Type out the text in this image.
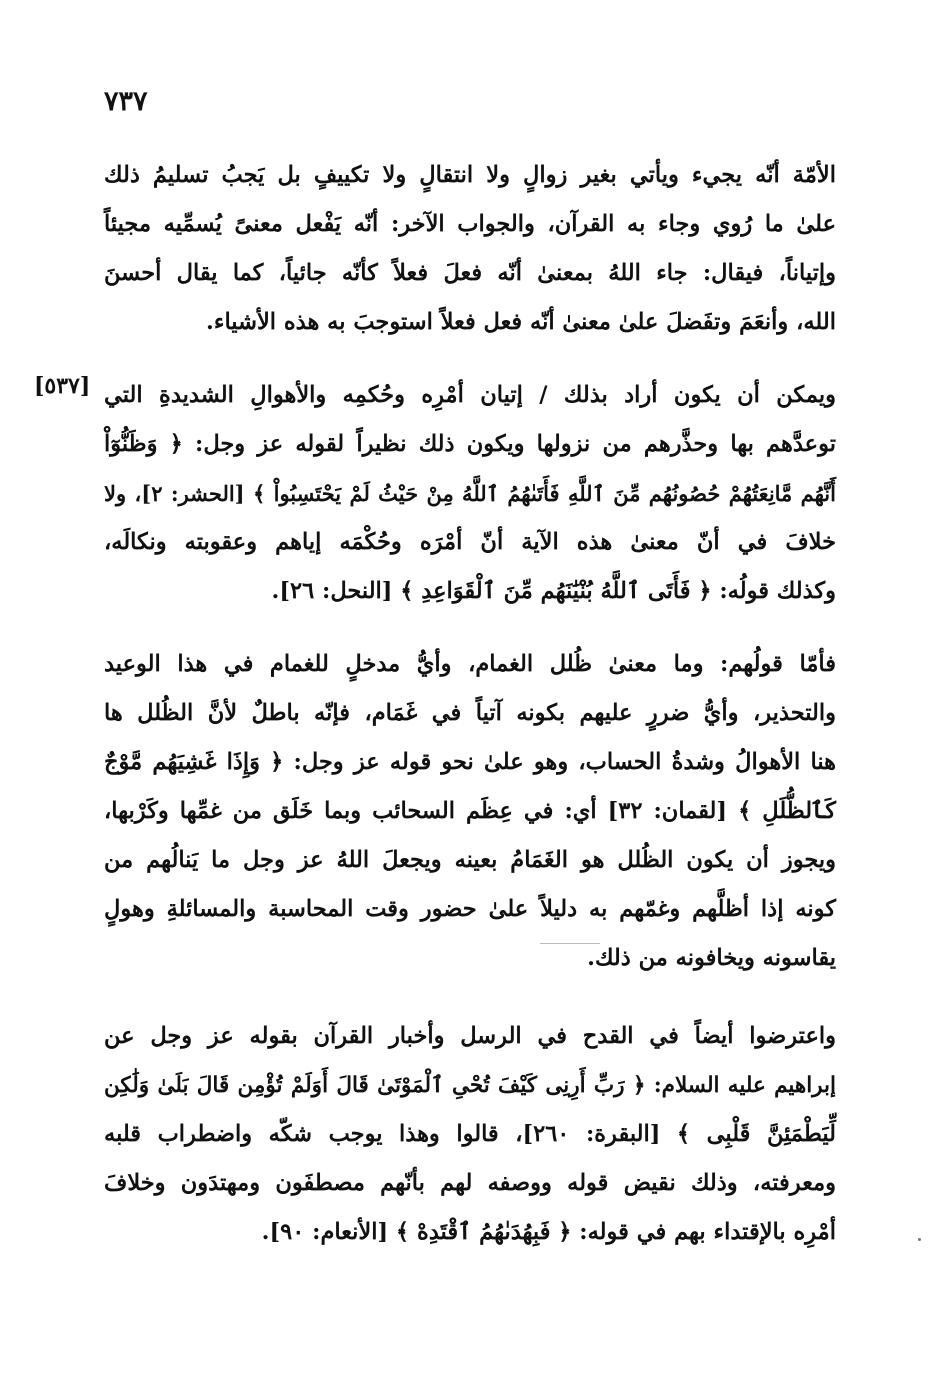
٧٣٧
[٥٣٧]
الأمّة أنّه يجيء ويأتي بغير زوالٍ ولا انتقالٍ ولا تكييفٍ بل يَجبُ تسليمُ ذلك
علىٰ ما رُوي وجاء به القرآن، والجواب الآخر: أنّه يَفْعل معنىً يُسمِّيه مجيئاً
وإتياناً، فيقال: جاء اللهُ بمعنىٰ أنّه فعلَ فعلاً كأنّه جائياً، كما يقال أحسنَ
الله، وأنعَمَ وتفَضلَ علىٰ معنىٰ أنّه فعل فعلاً استوجبَ به هذه الأشياء.
ويمكن أن يكون أراد بذلك / إتيان أمْرِه وحُكمِه والأهوالِ الشديدةِ التي
توعدَّهم بها وحذَّرهم من نزولها ويكون ذلك نظيراً لقوله عز وجل: ﴿ وَظَنُّوٓاْ
أَنَّهُم مَّانِعَتُهُمْ حُصُونُهُم مِّنَ ٱللَّهِ فَأَتَىٰهُمُ ٱللَّهُ مِنْ حَيْثُ لَمْ يَحْتَسِبُواْ ﴾ [الحشر: ٢]، ولا
خلافَ في أنّ معنىٰ هذه الآية أنّ أمْرَه وحُكْمَه إياهم وعقوبته ونكالَه،
وكذلك قولُه: ﴿ فَأَتَى ٱللَّهُ بُنْيَٰنَهُم مِّنَ ٱلْقَوَاعِدِ ﴾ [النحل: ٢٦].
فأمّا قولُهم: وما معنىٰ ظُلل الغمام، وأيُّ مدخلٍ للغمام في هذا الوعيد
والتحذير، وأيُّ ضررٍ عليهم بكونه آتياً في غَمَام، فإنّه باطلٌ لأنَّ الظُلل ها
هنا الأهوالُ وشدةُ الحساب، وهو علىٰ نحو قوله عز وجل: ﴿ وَإِذَا غَشِيَهُم مَّوْجٌ
كَٱلظُّلَلِ ﴾ [لقمان: ٣٢] أي: في عِظَم السحائب وبما خَلَق من غمِّها وكَرْبها،
ويجوز أن يكون الظُلل هو الغَمَامُ بعينه ويجعلَ اللهُ عز وجل ما يَنالُهم من
كونه إذا أظلَّهم وغمّهم به دليلاً علىٰ حضور وقت المحاسبة والمسائلةِ وهولٍ
يقاسونه ويخافونه من ذلك.
واعترضوا أيضاً في القدح في الرسل وأخبار القرآن بقوله عز وجل عن
إبراهيم عليه السلام: ﴿ رَبِّ أَرِنِى كَيْفَ تُحْىِ ٱلْمَوْتَىٰ قَالَ أَوَلَمْ تُؤْمِن قَالَ بَلَىٰ وَلَٰكِن
لِّيَطْمَئِنَّ قَلْبِى ﴾ [البقرة: ٢٦٠]، قالوا وهذا يوجب شكّه واضطراب قلبه
ومعرفته، وذلك نقيض قوله ووصفه لهم بأنّهم مصطفَون ومهتدَون وخلافَ
أمْرِه بالإقتداء بهم في قوله: ﴿ فَبِهُدَىٰهُمُ ٱقْتَدِهْ ﴾ [الأنعام: ٩٠].
